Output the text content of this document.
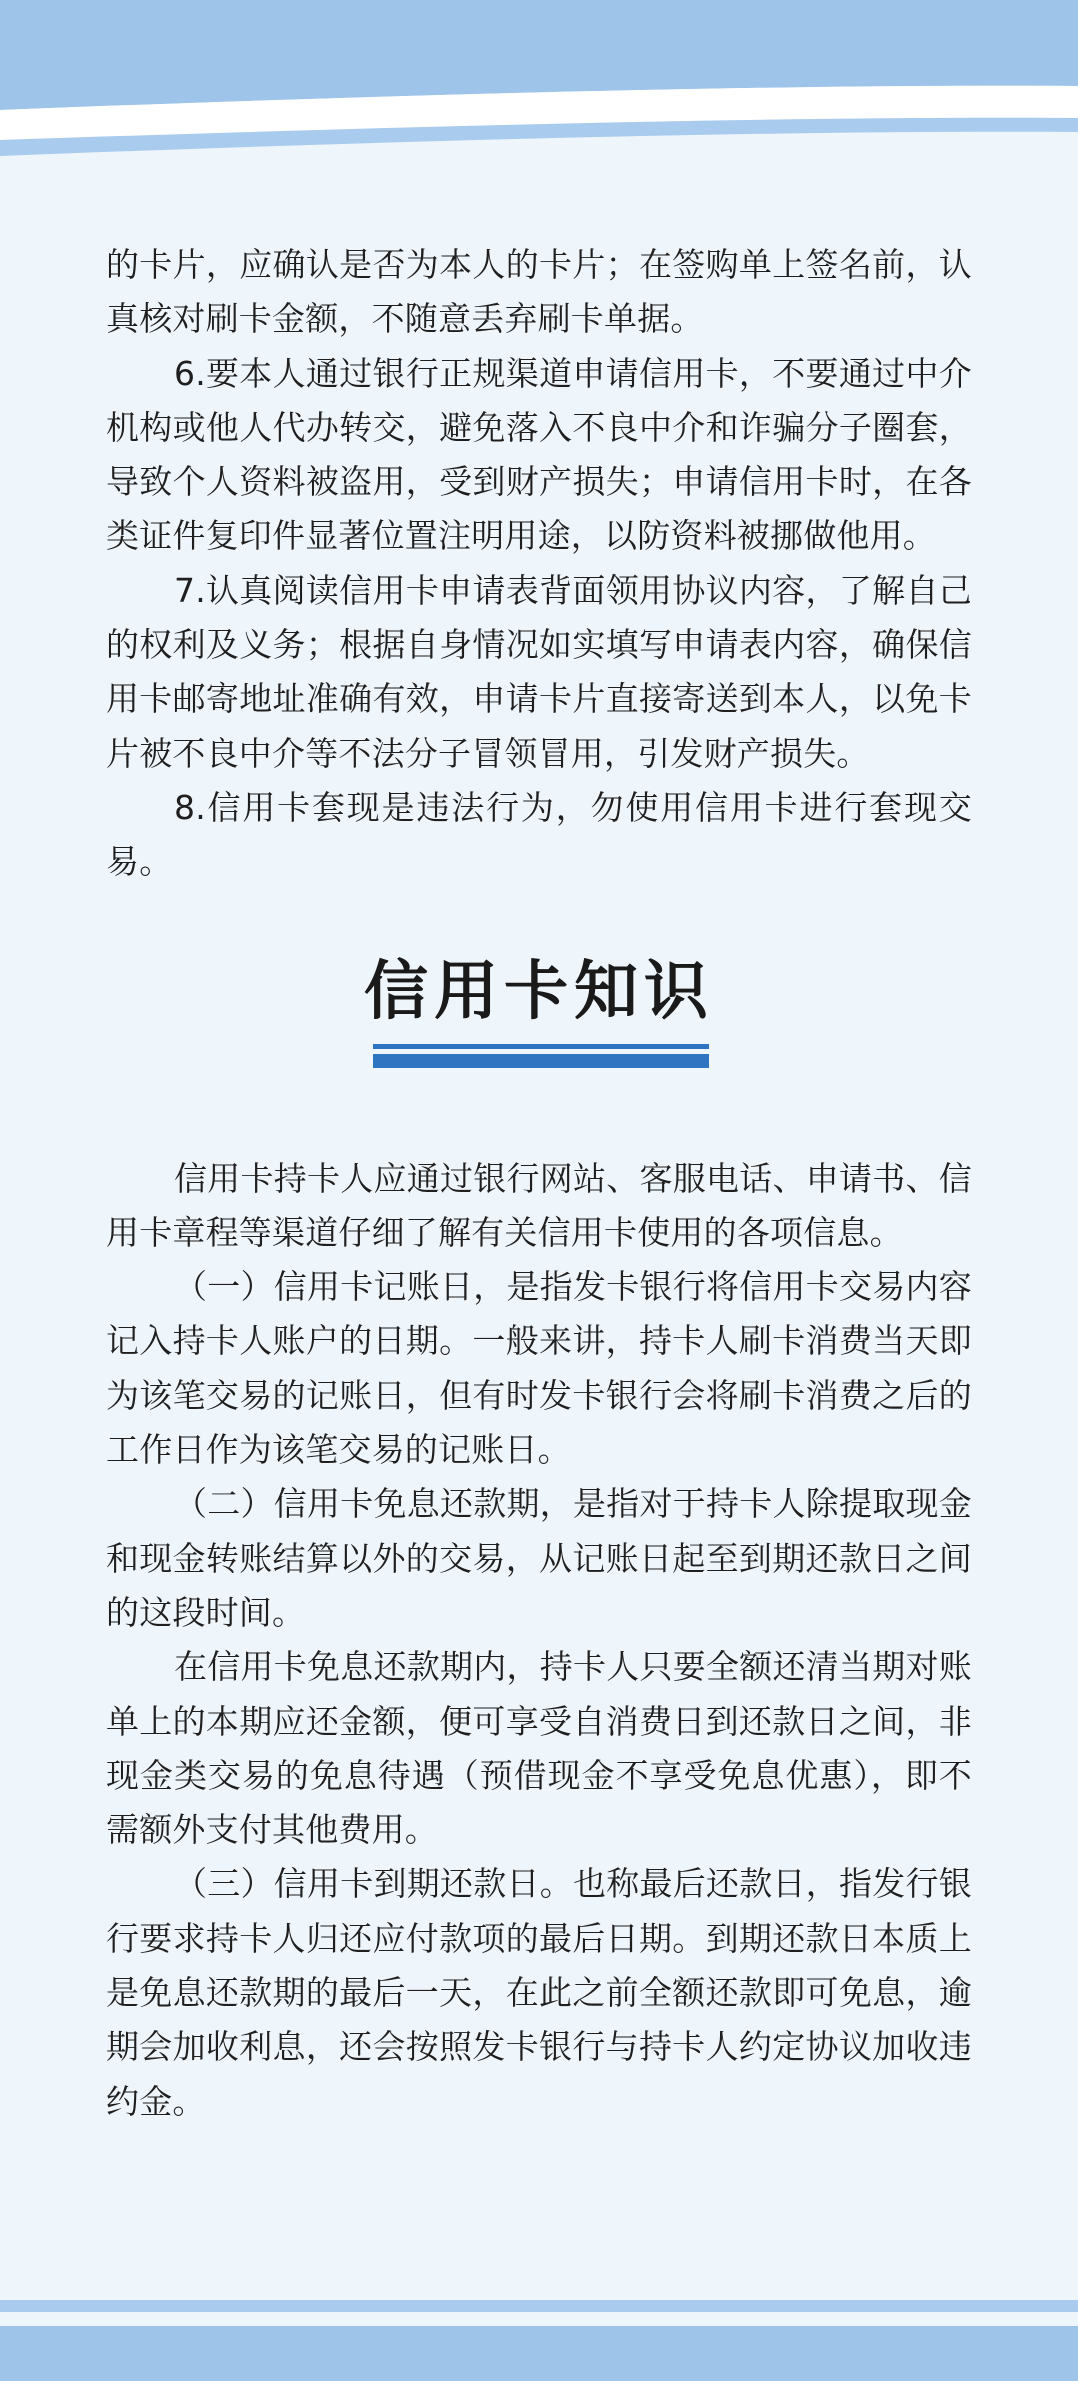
的卡片，应确认是否为本人的卡片；在签购单上签名前，认真核对刷卡金额，不随意丢弃刷卡单据。

6.要本人通过银行正规渠道申请信用卡，不要通过中介机构或他人代办转交，避免落入不良中介和诈骗分子圈套，导致个人资料被盗用，受到财产损失；申请信用卡时，在各类证件复印件显著位置注明用途，以防资料被挪做他用。

7.认真阅读信用卡申请表背面领用协议内容，了解自己的权利及义务；根据自身情况如实填写申请表内容，确保信用卡邮寄地址准确有效，申请卡片直接寄送到本人，以免卡片被不良中介等不法分子冒领冒用，引发财产损失。

8.信用卡套现是违法行为，勿使用信用卡进行套现交易。

信用卡知识

信用卡持卡人应通过银行网站、客服电话、申请书、信用卡章程等渠道仔细了解有关信用卡使用的各项信息。

（一）信用卡记账日，是指发卡银行将信用卡交易内容记入持卡人账户的日期。一般来讲，持卡人刷卡消费当天即为该笔交易的记账日，但有时发卡银行会将刷卡消费之后的工作日作为该笔交易的记账日。

（二）信用卡免息还款期，是指对于持卡人除提取现金和现金转账结算以外的交易，从记账日起至到期还款日之间的这段时间。

在信用卡免息还款期内，持卡人只要全额还清当期对账单上的本期应还金额，便可享受自消费日到还款日之间，非现金类交易的免息待遇（预借现金不享受免息优惠），即不需额外支付其他费用。

（三）信用卡到期还款日。也称最后还款日，指发行银行要求持卡人归还应付款项的最后日期。到期还款日本质上是免息还款期的最后一天，在此之前全额还款即可免息，逾期会加收利息，还会按照发卡银行与持卡人约定协议加收违约金。
